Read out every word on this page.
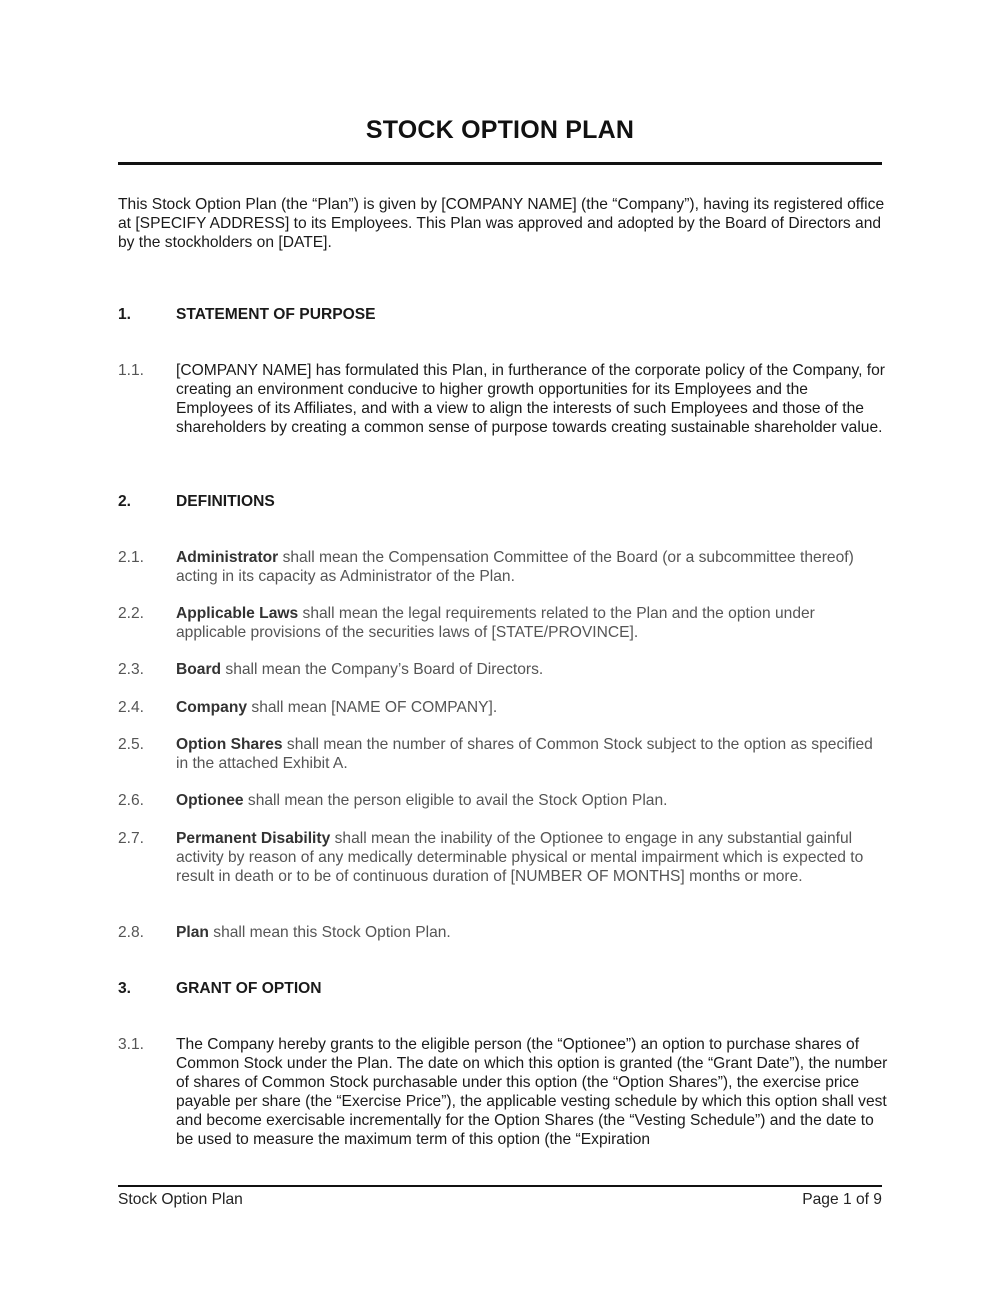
STOCK OPTION PLAN

This Stock Option Plan (the “Plan”) is given by [COMPANY NAME] (the “Company”), having its registered office at [SPECIFY ADDRESS] to its Employees. This Plan was approved and adopted by the Board of Directors and by the stockholders on [DATE].

1.	STATEMENT OF PURPOSE
1.1. [COMPANY NAME] has formulated this Plan, in furtherance of the corporate policy of the Company, for creating an environment conducive to higher growth opportunities for its Employees and the Employees of its Affiliates, and with a view to align the interests of such Employees and those of the shareholders by creating a common sense of purpose towards creating sustainable shareholder value.
2.	DEFINITIONS
2.1. Administrator shall mean the Compensation Committee of the Board (or a subcommittee thereof) acting in its capacity as Administrator of the Plan.
2.2. Applicable Laws shall mean the legal requirements related to the Plan and the option under applicable provisions of the securities laws of [STATE/PROVINCE].
2.3. Board shall mean the Company’s Board of Directors.
2.4. Company shall mean [NAME OF COMPANY].
2.5. Option Shares shall mean the number of shares of Common Stock subject to the option as specified in the attached Exhibit A.
2.6. Optionee shall mean the person eligible to avail the Stock Option Plan.
2.7. Permanent Disability shall mean the inability of the Optionee to engage in any substantial gainful activity by reason of any medically determinable physical or mental impairment which is expected to result in death or to be of continuous duration of [NUMBER OF MONTHS] months or more.
2.8. Plan shall mean this Stock Option Plan.
3.	GRANT OF OPTION
3.1. The Company hereby grants to the eligible person (the “Optionee”) an option to purchase shares of Common Stock under the Plan. The date on which this option is granted (the “Grant Date”), the number of shares of Common Stock purchasable under this option (the “Option Shares”), the exercise price payable per share (the “Exercise Price”), the applicable vesting schedule by which this option shall vest and become exercisable incrementally for the Option Shares (the “Vesting Schedule”) and the date to be used to measure the maximum term of this option (the “Expiration
Stock Option Plan	Page 1 of 9
